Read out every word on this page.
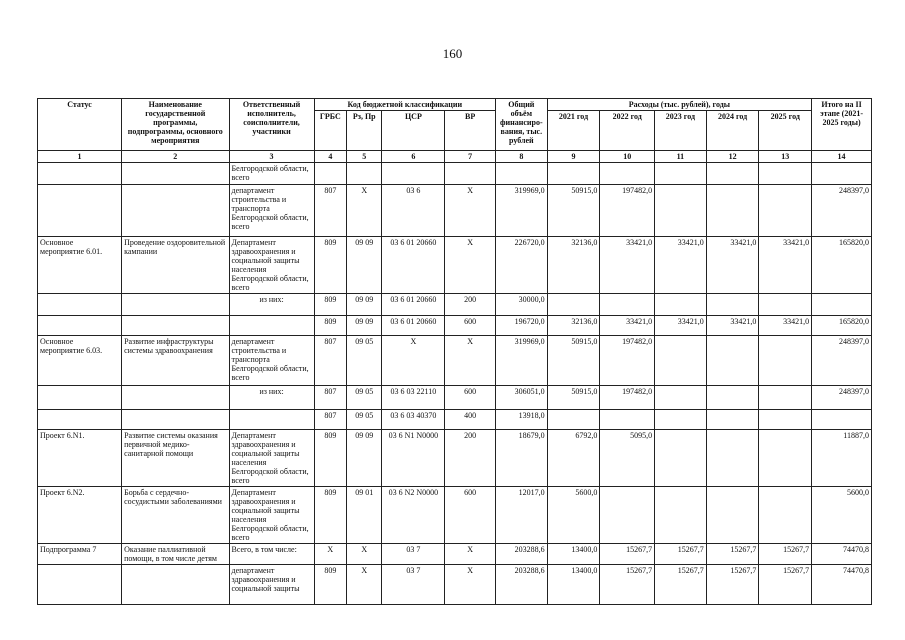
160
Статус	Наименование государственной программы, подпрограммы, основного мероприятия	Ответственный исполнитель, соисполнители, участники	Код бюджетной классификации				Общий объём финансиро-вания, тыс. рублей	Расходы (тыс. рублей), годы					Итого на II этапе (2021-2025 годы)
			ГРБС	Рз, Пр	ЦСР	ВР		2021 год	2022 год	2023 год	2024 год	2025 год	
1	2	3	4	5	6	7	8	9	10	11	12	13	14
		Белгородской области, всего											
		департамент строительства и транспорта Белгородской области, всего	807	Х	03 6	Х	319969,0	50915,0	197482,0				248397,0
Основное мероприятие 6.01.	Проведение оздоровительной кампании	Департамент здравоохранения и социальной защиты населения Белгородской области, всего	809	09 09	03 6 01 20660	Х	226720,0	32136,0	33421,0	33421,0	33421,0	33421,0	165820,0
		из них:	809	09 09	03 6 01 20660	200	30000,0						
			809	09 09	03 6 01 20660	600	196720,0	32136,0	33421,0	33421,0	33421,0	33421,0	165820,0
Основное мероприятие 6.03.	Развитие инфраструктуры системы здравоохранения	департамент строительства и транспорта Белгородской области, всего	807	09 05	Х	Х	319969,0	50915,0	197482,0				248397,0
		из них:	807	09 05	03 6 03 22110	600	306051,0	50915,0	197482,0				248397,0
			807	09 05	03 6 03 40370	400	13918,0						
Проект 6.N1.	Развитие системы оказания первичной медико-санитарной помощи	Департамент здравоохранения и социальной защиты населения Белгородской области, всего	809	09 09	03 6 N1 N0000	200	18679,0	6792,0	5095,0				11887,0
Проект 6.N2.	Борьба с сердечно-сосудистыми заболеваниями	Департамент здравоохранения и социальной защиты населения Белгородской области, всего	809	09 01	03 6 N2 N0000	600	12017,0	5600,0					5600,0
Подпрограмма 7	Оказание паллиативной помощи, в том числе детям	Всего, в том числе:	Х	Х	03 7	Х	203288,6	13400,0	15267,7	15267,7	15267,7	15267,7	74470,8
		департамент здравоохранения и социальной защиты	809	Х	03 7	Х	203288,6	13400,0	15267,7	15267,7	15267,7	15267,7	74470,8
